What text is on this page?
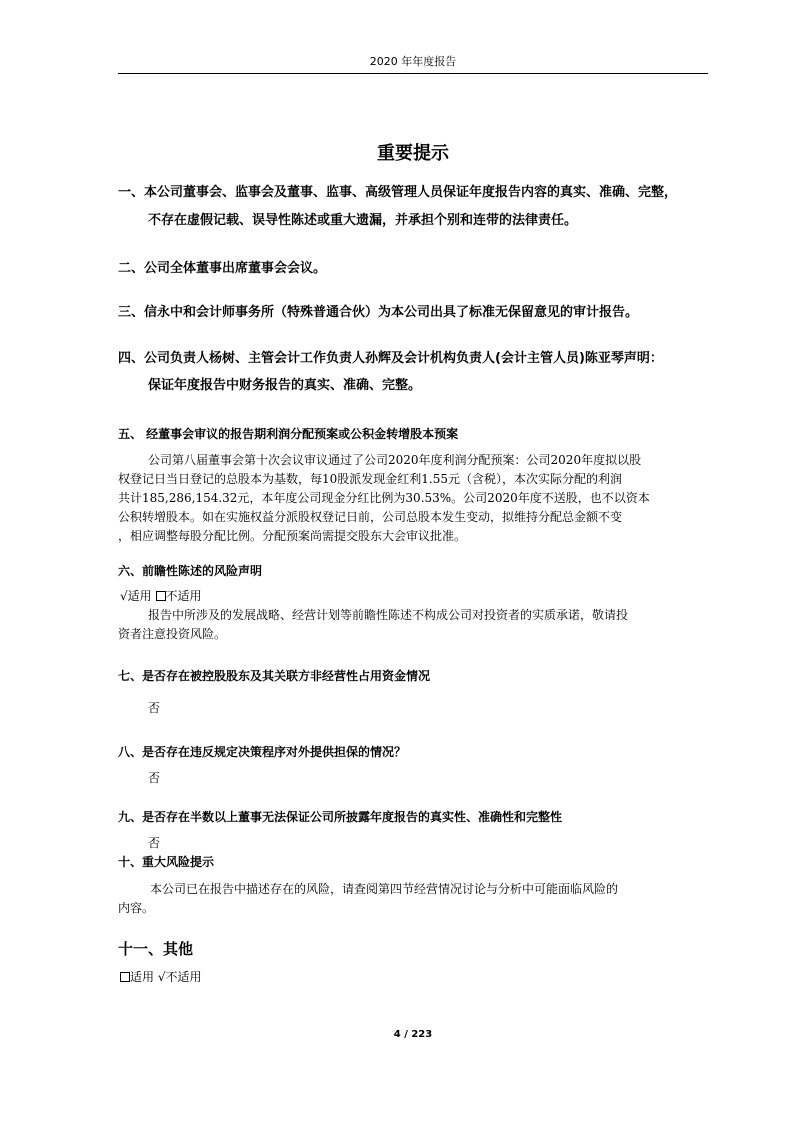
2020 年年度报告
重要提示
一、本公司董事会、监事会及董事、监事、高级管理人员保证年度报告内容的真实、准确、完整，
不存在虚假记载、误导性陈述或重大遗漏，并承担个别和连带的法律责任。
二、公司全体董事出席董事会会议。
三、信永中和会计师事务所（特殊普通合伙）为本公司出具了标准无保留意见的审计报告。
四、公司负责人杨树、主管会计工作负责人孙辉及会计机构负责人(会计主管人员)陈亚琴声明：
保证年度报告中财务报告的真实、准确、完整。
五、 经董事会审议的报告期利润分配预案或公积金转增股本预案
公司第八届董事会第十次会议审议通过了公司2020年度利润分配预案：公司2020年度拟以股
权登记日当日登记的总股本为基数，每10股派发现金红利1.55元（含税），本次实际分配的利润
共计185,286,154.32元，本年度公司现金分红比例为30.53%。公司2020年度不送股，也不以资本
公积转增股本。如在实施权益分派股权登记日前，公司总股本发生变动，拟维持分配总金额不变
，相应调整每股分配比例。分配预案尚需提交股东大会审议批准。
六、前瞻性陈述的风险声明
√适用 不适用
报告中所涉及的发展战略、经营计划等前瞻性陈述不构成公司对投资者的实质承诺，敬请投
资者注意投资风险。
七、是否存在被控股股东及其关联方非经营性占用资金情况
否
八、是否存在违反规定决策程序对外提供担保的情况？
否
九、是否存在半数以上董事无法保证公司所披露年度报告的真实性、准确性和完整性
否
十、重大风险提示
本公司已在报告中描述存在的风险，请查阅第四节经营情况讨论与分析中可能面临风险的
内容。
十一、其他
适用 √不适用
4 / 223
